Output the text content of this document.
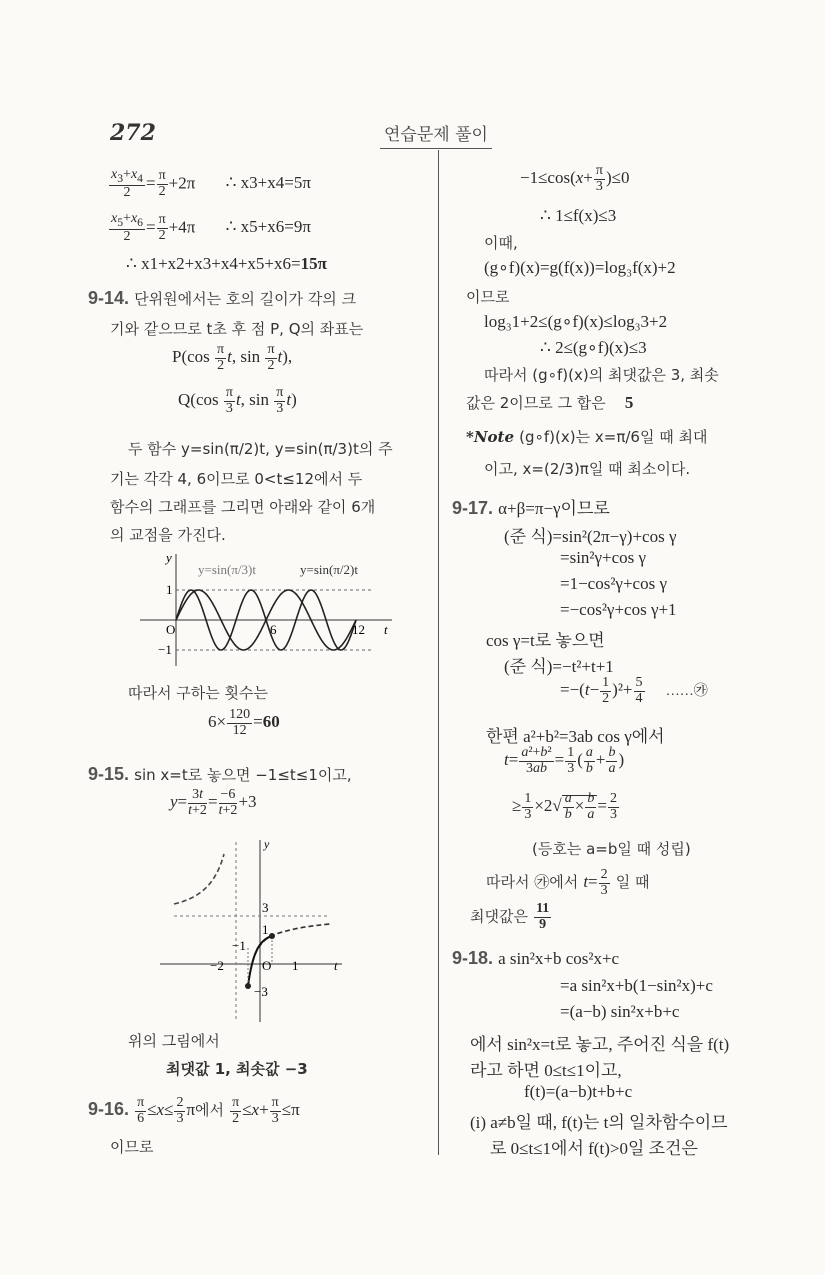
272	연습문제 풀이
$\frac{x_3+x_4}{2} = \frac{\pi}{2} +2\pi$ ∴ x3+x4=5π
$\frac{x_5+x_6}{2} = \frac{\pi}{2} +4\pi$ ∴ x5+x6=9π
∴ x1+x2+x3+x4+x5+x6=15π
9-14. 단위원에서는 호의 길이가 각의 크
기와 같으므로 t초 후 점 P, Q의 좌표는
$P(\cos \frac{\pi}{2} t$, $\sin \frac{\pi}{2} t$),
$Q(\cos \frac{\pi}{3} t$, $\sin \frac{\pi}{3} t$)
두 함수 y=sin(π/2)t, y=sin(π/3)t의 주
기는 각각 4, 6이므로 0<t≤12에서 두
함수의 그래프를 그리면 아래와 같이 6개
의 교점을 가진다.
y=sin(π/3)t	y=sin(π/2)t
y
1
−1
O	6	12 t
따라서 구하는 횟수는
$6\times \frac{120}{12} =60$
9-15. sin x=t로 놓으면 −1≤t≤1이고,
$y= \frac{3t}{t+2} = \frac{-6}{t+2} +3$
y
3
1
−1
−2	O 1
−3
t
위의 그림에서
최댓값 1, 최솟값 −3
9-16. $\frac{\pi}{6} \le x\le \frac{2}{3}$ π에서 $\frac{\pi}{2} \le x+ \frac{\pi}{3} \le\pi$
이므로
$-1\le\cos(x+ \frac{\pi}{3} )\le 0$
∴ 1≤f(x)≤3
이때,
(g∘f)(x)=g(f(x))=log₃f(x)+2
이므로
log₃1+2≤(g∘f)(x)≤log₃3+2
∴ 2≤(g∘f)(x)≤3
따라서 (g∘f)(x)의 최댓값은 3, 최솟
값은 2이므로 그 합은 5
*Note (g∘f)(x)는 x=π/6일 때 최대
이고, x=(2/3)π일 때 최소이다.
9-17. α+β=π−γ이므로
(준 식)=sin²(2π−γ)+cos γ
=sin²γ+cos γ
=1−cos²γ+cos γ
=−cos²γ+cos γ+1
cos γ=t로 놓으면
(준 식)=−t²+t+1
$=-(t- \frac{1}{2} )^2+ \frac{5}{4}$ ……㉮
한편 a²+b²=3ab cos γ에서
$t= \frac{\text{a²+b²}}{3ab} = \frac{1}{3}$ ( $\frac{a}{b} + \frac{b}{a}$ )
≥ $\frac{1}{3} \times 2√ \frac{a}{b} \times \frac{b}{a} = \frac{2}{3}$
(등호는 a=b일 때 성립)
따라서 ㉮에서 $t= \frac{2}{3}$ 일 때
최댓값은 $\frac{11}{9}$
9-18. a sin²x+b cos²x+c
=a sin²x+b(1−sin²x)+c
=(a−b) sin²x+b+c
에서 sin²x=t로 놓고, 주어진 식을 f(t)
라고 하면 0≤t≤1이고,
f(t)=(a−b)t+b+c
(i) a≠b일 때, f(t)는 t의 일차함수이므
로 0≤t≤1에서 f(t)>0일 조건은
